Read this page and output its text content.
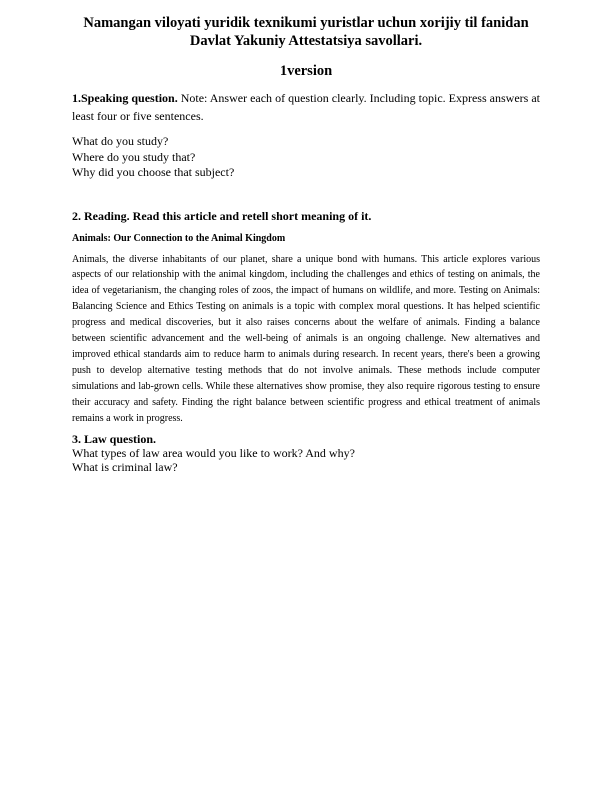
Namangan viloyati yuridik texnikumi yuristlar uchun xorijiy til fanidan
Davlat Yakuniy Attestatsiya savollari.
1version

1.Speaking question. Note: Answer each of question clearly. Including topic. Express answers at least four or five sentences.

What do you study?
Where do you study that?
Why did you choose that subject?
2. Reading. Read this article and retell short meaning of it.
Animals: Our Connection to the Animal Kingdom

Animals, the diverse inhabitants of our planet, share a unique bond with humans. This article explores various aspects of our relationship with the animal kingdom, including the challenges and ethics of testing on animals, the idea of vegetarianism, the changing roles of zoos, the impact of humans on wildlife, and more. Testing on Animals: Balancing Science and Ethics Testing on animals is a topic with complex moral questions. It has helped scientific progress and medical discoveries, but it also raises concerns about the welfare of animals. Finding a balance between scientific advancement and the well-being of animals is an ongoing challenge. New alternatives and improved ethical standards aim to reduce harm to animals during research. In recent years, there's been a growing push to develop alternative testing methods that do not involve animals. These methods include computer simulations and lab-grown cells. While these alternatives show promise, they also require rigorous testing to ensure their accuracy and safety. Finding the right balance between scientific progress and ethical treatment of animals remains a work in progress.

3. Law question.
What types of law area would you like to work? And why?
What is criminal law?
